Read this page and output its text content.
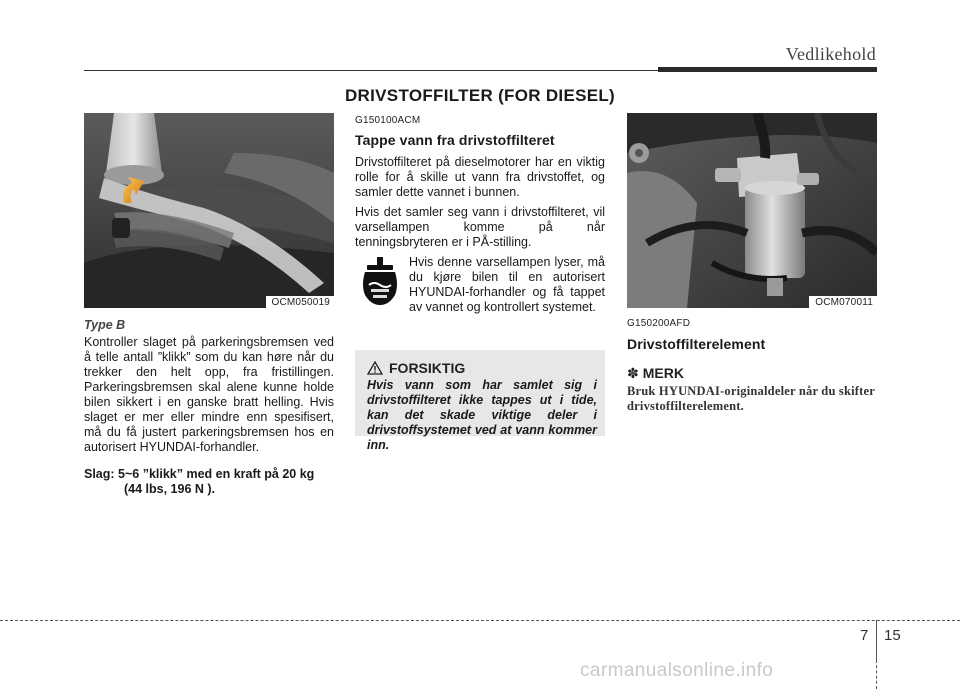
Vedlikehold
DRIVSTOFFILTER (FOR DIESEL)
OCM050019
Type B

Kontroller slaget på parkeringsbremsen ved å telle antall ”klikk” som du kan høre når du trekker den helt opp, fra fristillingen. Parkeringsbremsen skal alene kunne holde bilen sikkert i en ganske bratt helling. Hvis slaget er mer eller mindre enn spesifisert, må du få justert parkeringsbremsen hos en autorisert HYUNDAI-forhandler.

Slag: 5~6 ”klikk” med en kraft på 20 kg
(44 lbs, 196 N ).
G150100ACM
Tappe vann fra drivstoffilteret

Drivstoffilteret på dieselmotorer har en viktig rolle for å skille ut vann fra drivstoffet, og samler dette vannet i bunnen.

Hvis det samler seg vann i drivstoffilteret, vil varsellampen komme på når tenningsbryteren er i PÅ-stilling.

Hvis denne varsellampen lyser, må du kjøre bilen til en autorisert HYUNDAI-forhandler og få tappet av vannet og kontrollert systemet.
FORSIKTIG
Hvis vann som har samlet sig i drivstoffilteret ikke tappes ut i tide, kan det skade viktige deler i drivstoffsystemet ved at vann kommer inn.
OCM070011
G150200AFD
Drivstoffilterelement
✽ MERK
Bruk HYUNDAI-originaldeler når du skifter drivstoffilterelement.
7 15
carmanualsonline.info
